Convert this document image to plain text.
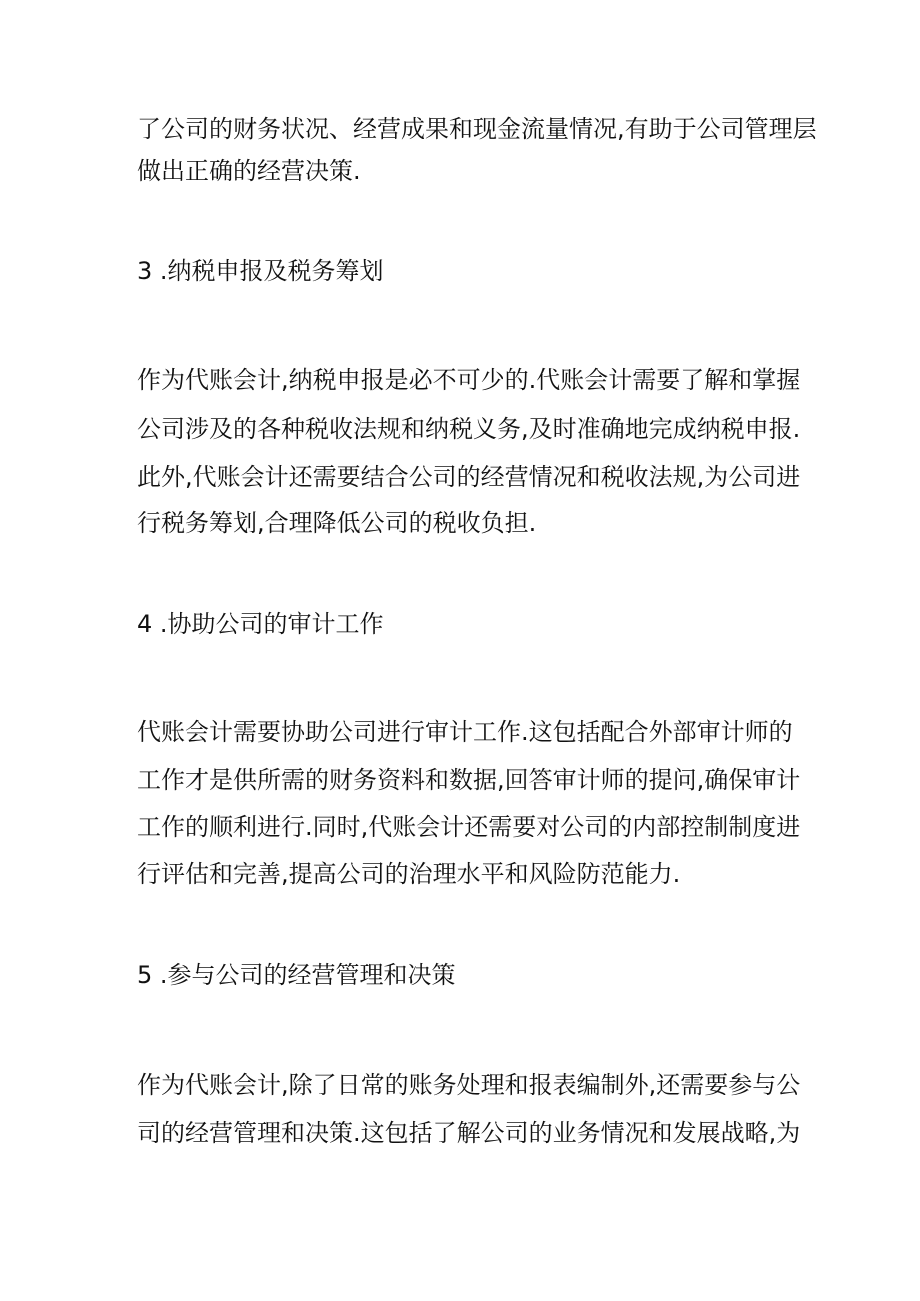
了公司的财务状况、经营成果和现金流量情况,有助于公司管理层
做出正确的经营决策.
3 .纳税申报及税务筹划
作为代账会计,纳税申报是必不可少的.代账会计需要了解和掌握
公司涉及的各种税收法规和纳税义务,及时准确地完成纳税申报.
此外,代账会计还需要结合公司的经营情况和税收法规,为公司进
行税务筹划,合理降低公司的税收负担.
4 .协助公司的审计工作
代账会计需要协助公司进行审计工作.这包括配合外部审计师的
工作才是供所需的财务资料和数据,回答审计师的提问,确保审计
工作的顺利进行.同时,代账会计还需要对公司的内部控制制度进
行评估和完善,提高公司的治理水平和风险防范能力.
5 .参与公司的经营管理和决策
作为代账会计,除了日常的账务处理和报表编制外,还需要参与公
司的经营管理和决策.这包括了解公司的业务情况和发展战略,为
